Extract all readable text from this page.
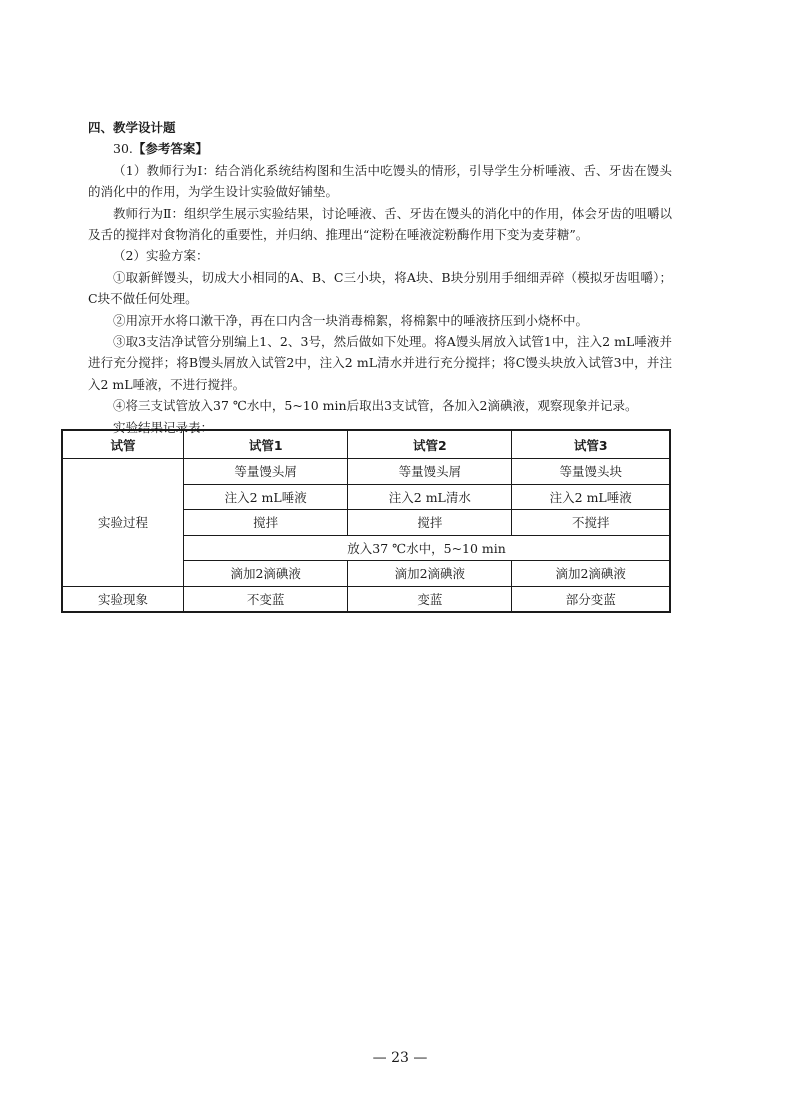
四、教学设计题

30.【参考答案】

（1）教师行为Ⅰ：结合消化系统结构图和生活中吃馒头的情形，引导学生分析唾液、舌、牙齿在馒头的消化中的作用，为学生设计实验做好铺垫。

教师行为Ⅱ：组织学生展示实验结果，讨论唾液、舌、牙齿在馒头的消化中的作用，体会牙齿的咀嚼以及舌的搅拌对食物消化的重要性，并归纳、推理出“淀粉在唾液淀粉酶作用下变为麦芽糖”。

（2）实验方案：

①取新鲜馒头，切成大小相同的A、B、C三小块，将A块、B块分别用手细细弄碎（模拟牙齿咀嚼）；C块不做任何处理。

②用凉开水将口漱干净，再在口内含一块消毒棉絮，将棉絮中的唾液挤压到小烧杯中。

③取3支洁净试管分别编上1、2、3号，然后做如下处理。将A馒头屑放入试管1中，注入2 mL唾液并进行充分搅拌；将B馒头屑放入试管2中，注入2 mL清水并进行充分搅拌；将C馒头块放入试管3中，并注入2 mL唾液，不进行搅拌。

④将三支试管放入37 ℃水中，5~10 min后取出3支试管，各加入2滴碘液，观察现象并记录。

实验结果记录表：

试管	试管1	试管2	试管3
实验过程	等量馒头屑	等量馒头屑	等量馒头块
	注入2 mL唾液	注入2 mL清水	注入2 mL唾液
	搅拌	搅拌	不搅拌
	放入37 ℃水中，5~10 min		
	滴加2滴碘液	滴加2滴碘液	滴加2滴碘液
实验现象	不变蓝	变蓝	部分变蓝
— 23 —
